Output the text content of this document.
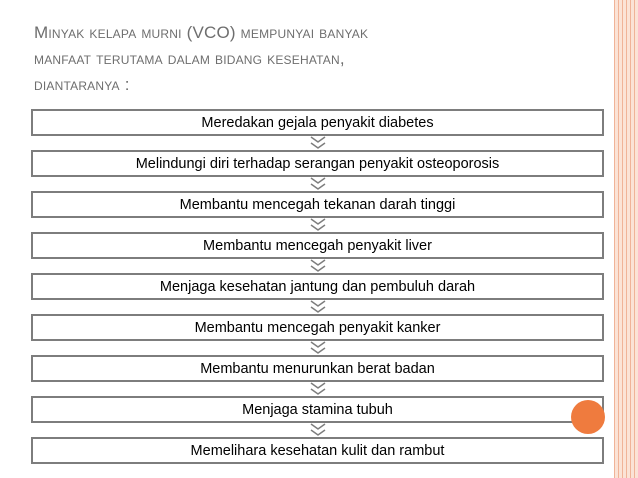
Minyak kelapa murni (VCO) mempunyai banyak
manfaat terutama dalam bidang kesehatan,
diantaranya :
Meredakan gejala penyakit diabetes
Melindungi diri terhadap serangan penyakit osteoporosis
Membantu mencegah tekanan darah tinggi
Membantu mencegah penyakit liver
Menjaga kesehatan jantung dan pembuluh darah
Membantu mencegah penyakit kanker
Membantu menurunkan berat badan
Menjaga stamina tubuh
Memelihara kesehatan kulit dan rambut
